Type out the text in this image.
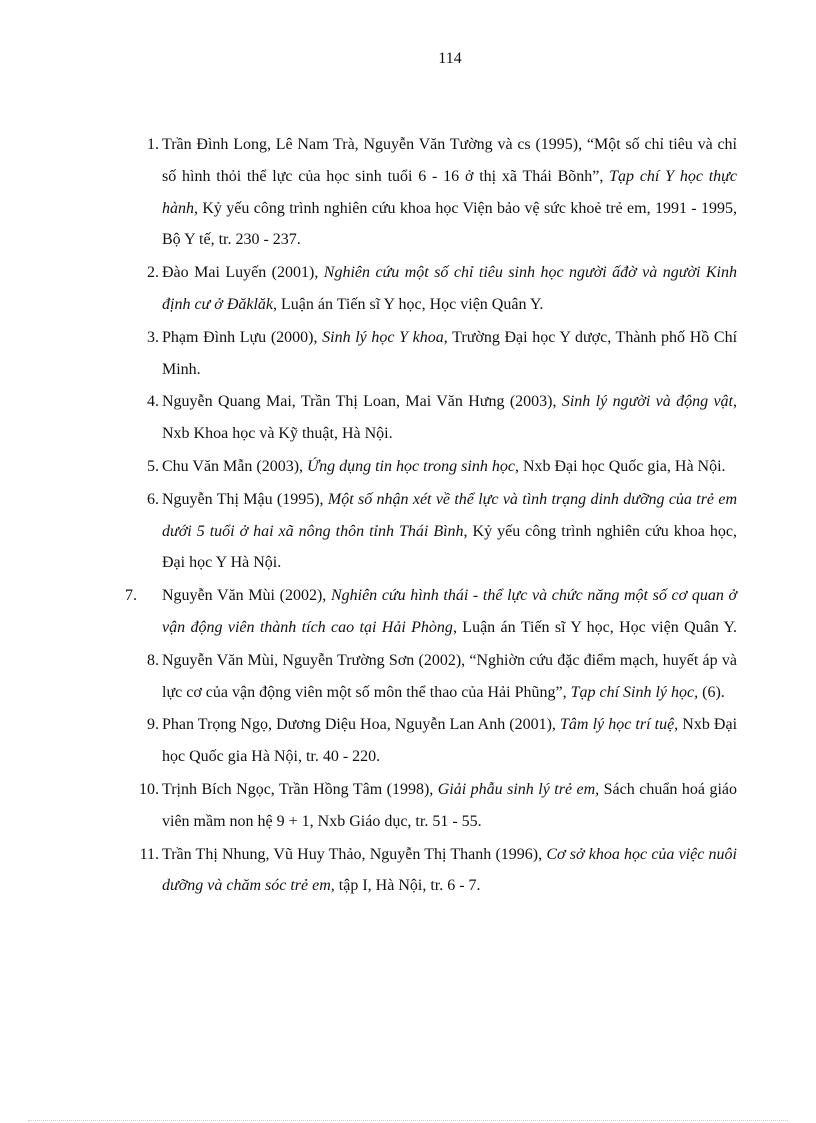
114
1. Trần Đình Long, Lê Nam Trà, Nguyễn Văn Tường và cs (1995), “Một số chỉ tiêu và chỉ số hình thỏi thể lực của học sinh tuổi 6 - 16 ở thị xã Thái Bõnh”, Tạp chí Y học thực hành, Kỷ yếu công trình nghiên cứu khoa học Viện bảo vệ sức khoẻ trẻ em, 1991 - 1995, Bộ Y tế, tr. 230 - 237.
2. Đào Mai Luyến (2001), Nghiên cứu một số chỉ tiêu sinh học người ấđờ và người Kinh định cư ở Đăklăk, Luận án Tiến sĩ Y học, Học viện Quân Y.
3. Phạm Đình Lựu (2000), Sinh lý học Y khoa, Trường Đại học Y dược, Thành phố Hồ Chí Minh.
4. Nguyễn Quang Mai, Trần Thị Loan, Mai Văn Hưng (2003), Sinh lý người và động vật, Nxb Khoa học và Kỹ thuật, Hà Nội.
5. Chu Văn Mẫn (2003), Ứng dụng tin học trong sinh học, Nxb Đại học Quốc gia, Hà Nội.
6. Nguyễn Thị Mậu (1995), Một số nhận xét về thể lực và tình trạng dinh dưỡng của trẻ em dưới 5 tuổi ở hai xã nông thôn tỉnh Thái Bình, Kỷ yếu công trình nghiên cứu khoa học, Đại học Y Hà Nội.
7.	Nguyễn Văn Mùi (2002), Nghiên cứu hình thái - thể lực và chức năng một số cơ quan ở vận động viên thành tích cao tại Hải Phòng, Luận án Tiến sĩ Y học, Học viện Quân Y.
8. Nguyễn Văn Mùi, Nguyễn Trường Sơn (2002), “Nghiờn cứu đặc điểm mạch, huyết áp và lực cơ của vận động viên một số môn thể thao của Hải Phũng”, Tạp chí Sinh lý học, (6).
9. Phan Trọng Ngọ, Dương Diệu Hoa, Nguyễn Lan Anh (2001), Tâm lý học trí tuệ, Nxb Đại học Quốc gia Hà Nội, tr. 40 - 220.
10. Trịnh Bích Ngọc, Trần Hồng Tâm (1998), Giải phẫu sinh lý trẻ em, Sách chuẩn hoá giáo viên mầm non hệ 9 + 1, Nxb Giáo dục, tr. 51 - 55.
11. Trần Thị Nhung, Vũ Huy Thảo, Nguyễn Thị Thanh (1996), Cơ sở khoa học của việc nuôi dưỡng và chăm sóc trẻ em, tập I, Hà Nội, tr. 6 - 7.
